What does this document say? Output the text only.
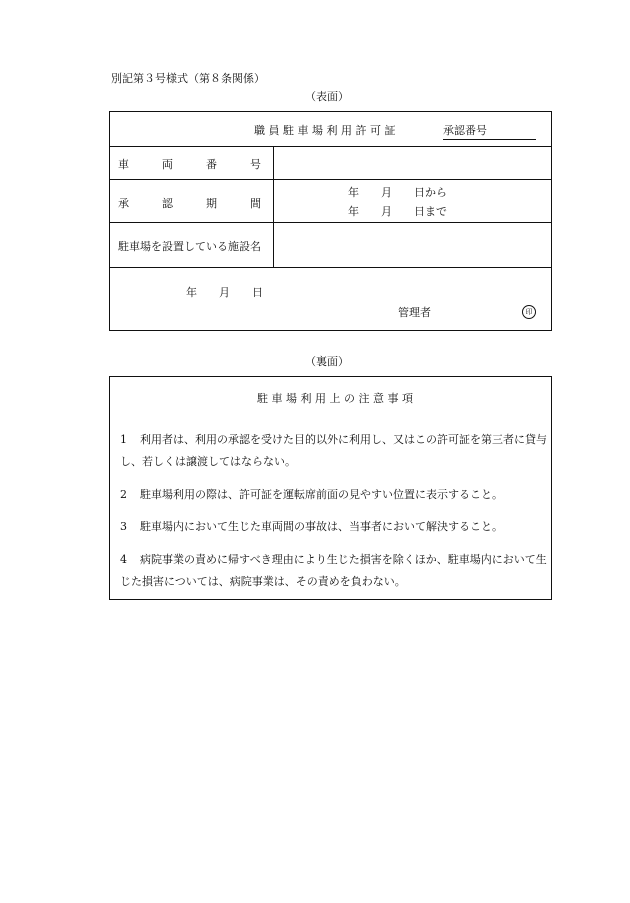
別記第３号様式（第８条関係）
（表面）
職 員 駐 車 場 利 用 許 可 証	承認番号
車　　　両　　　番　　　号
承　　　認　　　期　　　間
年　　月　　日から
年　　月　　日まで
駐車場を設置している施設名
年　　月　　日
管理者	印
（裏面）
駐 車 場 利 用 上 の 注 意 事 項
1 利用者は、利用の承認を受けた目的以外に利用し、又はこの許可証を第三者に貸与し、若しくは譲渡してはならない。
2 駐車場利用の際は、許可証を運転席前面の見やすい位置に表示すること。
3 駐車場内において生じた車両間の事故は、当事者において解決すること。
4 病院事業の責めに帰すべき理由により生じた損害を除くほか、駐車場内において生じた損害については、病院事業は、その責めを負わない。
